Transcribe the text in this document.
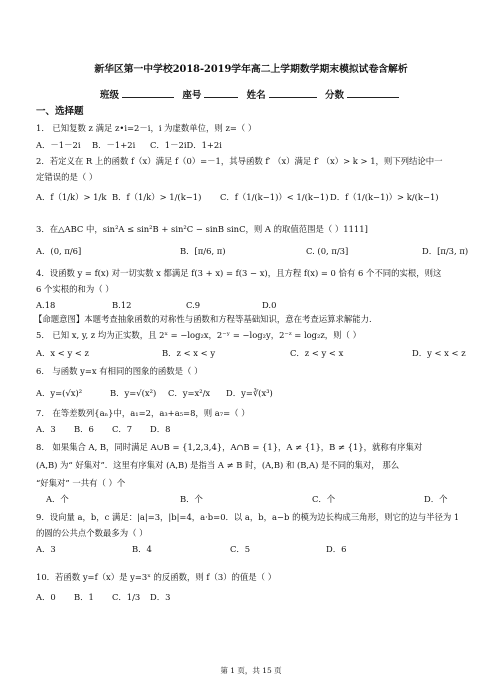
新华区第一中学校2018-2019学年高二上学期数学期末模拟试卷含解析
班级	座号	姓名	分数
一、选择题
1． 已知复数 z 满足 z•i=2－i，i 为虚数单位，则 z=（ ）
A．－1－2i B．－1+2i C．1－2iD．1+2i
2．若定义在 R 上的函数 f（x）满足 f（0）=－1，其导函数 f′ （x）满足 f′ （x）> k > 1，则下列结论中一
定错误的是（ ）
A．f（1/k）> 1/k B．f（1/k）> 1/(k−1) C．f（1/(k−1)）< 1/(k−1) D．f（1/(k−1)）> k/(k−1)
3．在△ABC 中，sin²A ≤ sin²B + sin²C − sinB sinC，则 A 的取值范围是（ ）1111]
A．(0, π/6]	B．[π/6, π)	C. (0, π/3]	D．[π/3, π)
4．设函数 y = f(x) 对一切实数 x 都满足 f(3 + x) = f(3 − x)，且方程 f(x) = 0 恰有 6 个不同的实根，则这
6 个实根的和为（ ）
A.18	B.12	C.9	D.0
【命题意图】本题考查抽象函数的对称性与函数和方程等基础知识，意在考查运算求解能力.
5． 已知 x, y, z 均为正实数，且 2ˣ = −log₂x，2⁻ʸ = −log₂y，2⁻ᶻ = log₂z，则（ ）
A．x < y < z	B．z < x < y	C．z < y < x	D．y < x < z
6． 与函数 y=x 有相同的图象的函数是（ ）
A．y=(√x)²	B．y=√(x²) C．y=x²/x D．y=∛(x³)
7． 在等差数列{aₙ}中，a₁=2，a₃+a₅=8，则 a₇=（ ）
A．3 B．6 C．7 D．8
8． 如果集合 A, B，同时满足 A∪B = {1,2,3,4}，A∩B = {1}，A ≠ {1}，B ≠ {1}，就称有序集对
(A,B) 为“ 好集对”．这里有序集对 (A,B) 是指当 A ≠ B 时，(A,B) 和 (B,A) 是不同的集对， 那么
“好集对” 一共有（ ）个
A．个	B．个	C．个	D．个
9．设向量 a，b，c 满足：|a|=3，|b|=4，a·b=0．以 a，b，a−b 的模为边长构成三角形，则它的边与半径为 1
的圆的公共点个数最多为（ ）
A．3	B．4	C．5	D．6
10．若函数 y=f（x）是 y=3ˣ 的反函数，则 f（3）的值是（ ）
A．0 B．1 C．1/3 D．3
第 1 页，共 15 页
